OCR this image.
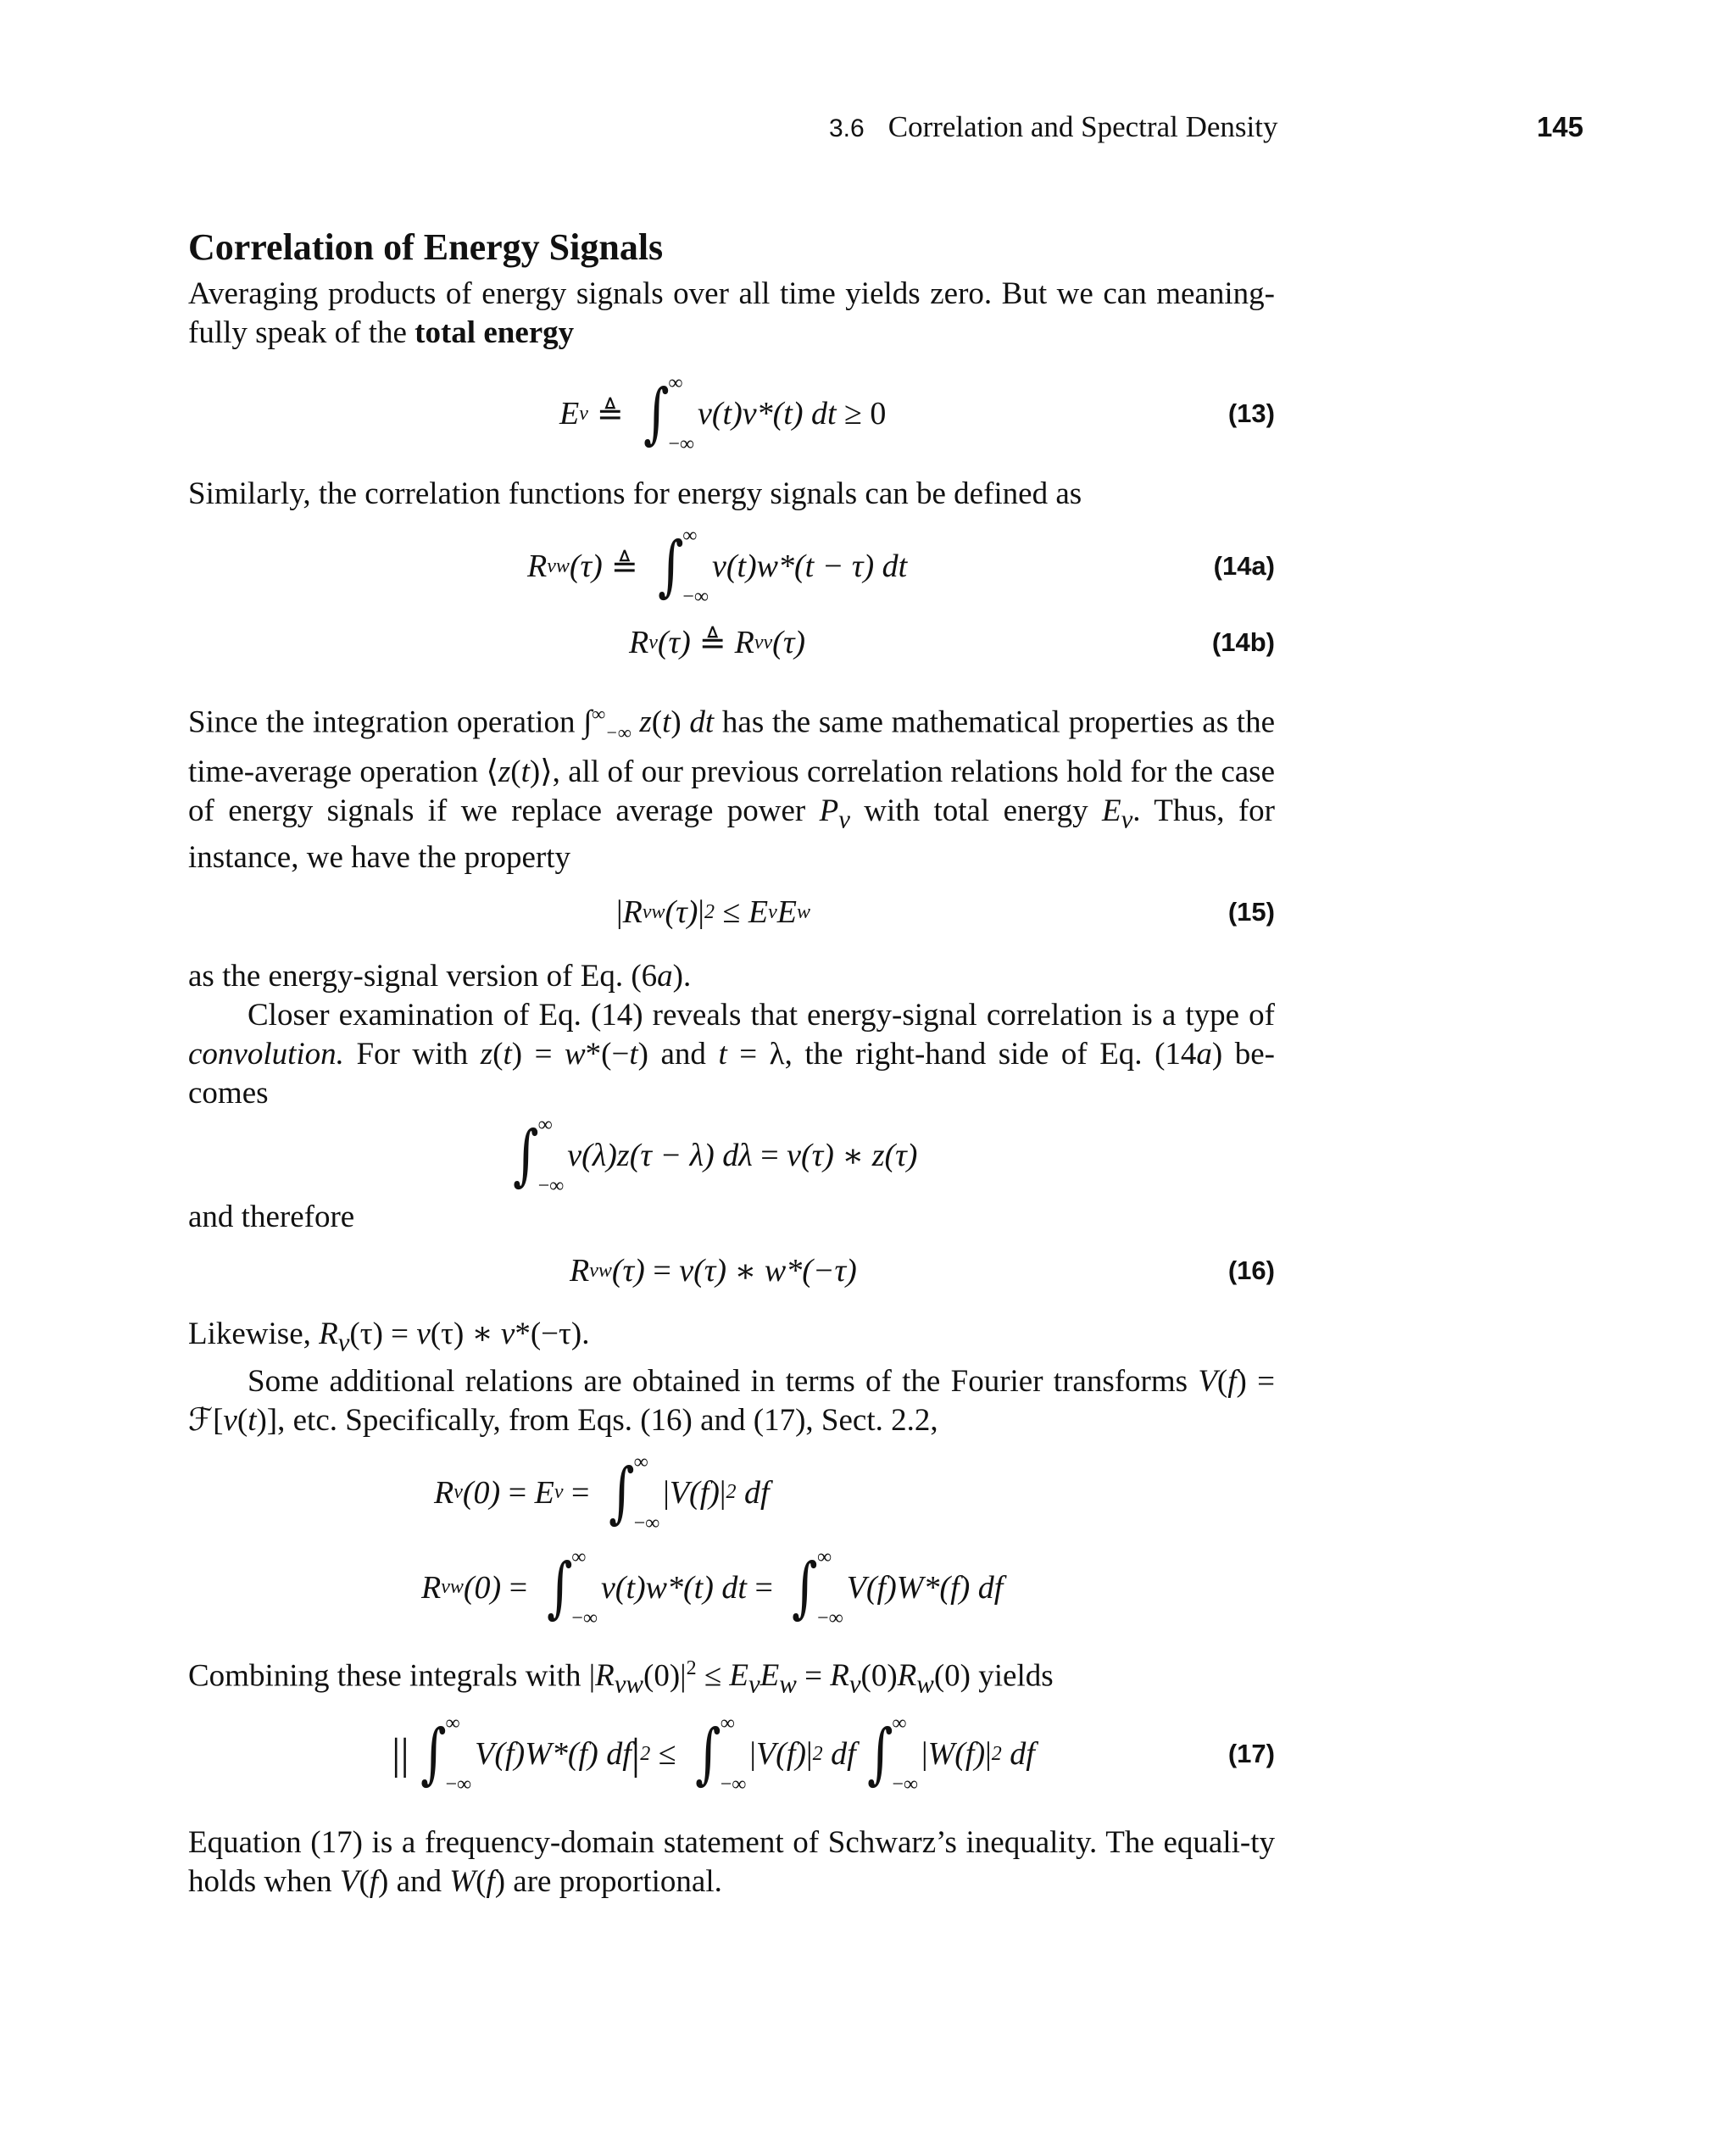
3.6 Correlation and Spectral Density	145
Correlation of Energy Signals

Averaging products of energy signals over all time yields zero. But we can meaning-fully speak of the total energy

E v ≜ ∫ ∞
−∞
v(t)v*(t) dt ≥ 0	(13)

Similarly, the correlation functions for energy signals can be defined as

R vw (τ) ≜ ∫ ∞
−∞
v(t)w*(t − τ) dt	(14a)
R v (τ) ≜ R vv (τ)	(14b)

Since the integration operation $\int^\infty_{-\infty}$ z(t) dt has the same mathematical properties as the time-average operation ⟨z(t)⟩, all of our previous correlation relations hold for the case of energy signals if we replace average power $P_v$ with total energy $E_v$. Thus, for instance, we have the property

| R vw (τ) | 2 ≤ E v E w	(15)

as the energy-signal version of Eq. (6a).

Closer examination of Eq. (14) reveals that energy-signal correlation is a type of convolution. For with z(t) = w*(−t) and t = λ, the right-hand side of Eq. (14a) be-comes

∫ ∞
−∞
v(λ)z(τ − λ) dλ = v(τ) ∗ z(τ)

and therefore

R vw (τ) = v(τ) ∗ w*(−τ)	(16)

Likewise, $R_v(\tau) = v(\tau)$ ∗ v*(−τ).

Some additional relations are obtained in terms of the Fourier transforms V(f) = ℱ[v(t)], etc. Specifically, from Eqs. (16) and (17), Sect. 2.2,

R v (0) = E v = ∫ ∞
−∞
| V(f) | 2 df
R vw (0) = ∫ ∞
−∞
v(t)w*(t) dt = ∫ ∞
−∞
V(f)W*(f) df

Combining these integrals with $|R_{vw}(0)|^2 \le E_vE_w = R_v(0)R_w(0)$ yields

|| ∫ ∞
−∞
V(f)W*(f) df | 2 ≤ ∫ ∞
−∞
| V(f) | 2 df ∫ ∞
−∞
| W(f) | 2 df	(17)

Equation (17) is a frequency-domain statement of Schwarz’s inequality. The equali-ty holds when V(f) and W(f) are proportional.
